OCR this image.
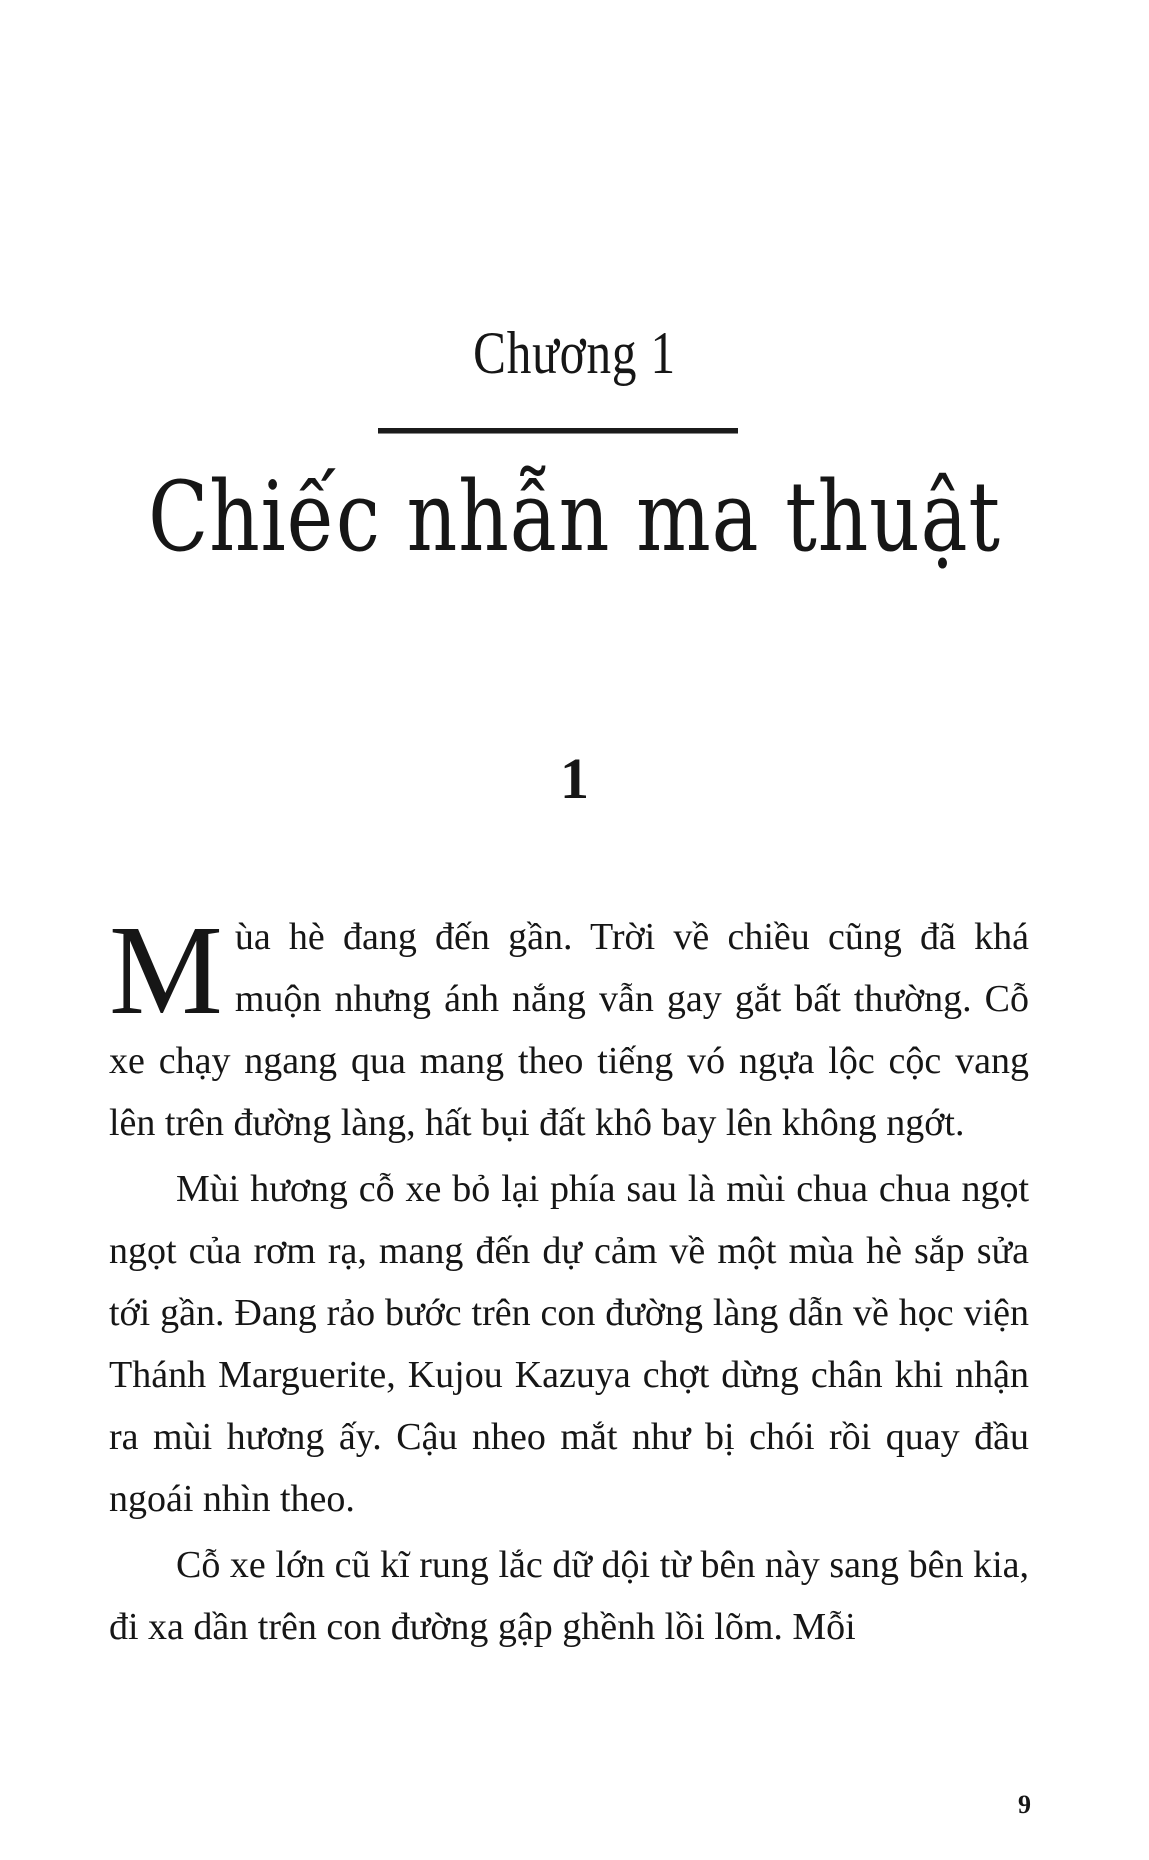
Chương 1
Chiếc nhẫn ma thuật
1

Mùa hè đang đến gần. Trời về chiều cũng đã khá muộn nhưng ánh nắng vẫn gay gắt bất thường. Cỗ xe chạy ngang qua mang theo tiếng vó ngựa lộc cộc vang lên trên đường làng, hất bụi đất khô bay lên không ngớt.

Mùi hương cỗ xe bỏ lại phía sau là mùi chua chua ngọt ngọt của rơm rạ, mang đến dự cảm về một mùa hè sắp sửa tới gần. Đang rảo bước trên con đường làng dẫn về học viện Thánh Marguerite, Kujou Kazuya chợt dừng chân khi nhận ra mùi hương ấy. Cậu nheo mắt như bị chói rồi quay đầu ngoái nhìn theo.

Cỗ xe lớn cũ kĩ rung lắc dữ dội từ bên này sang bên kia, đi xa dần trên con đường gập ghềnh lồi lõm. Mỗi

9
